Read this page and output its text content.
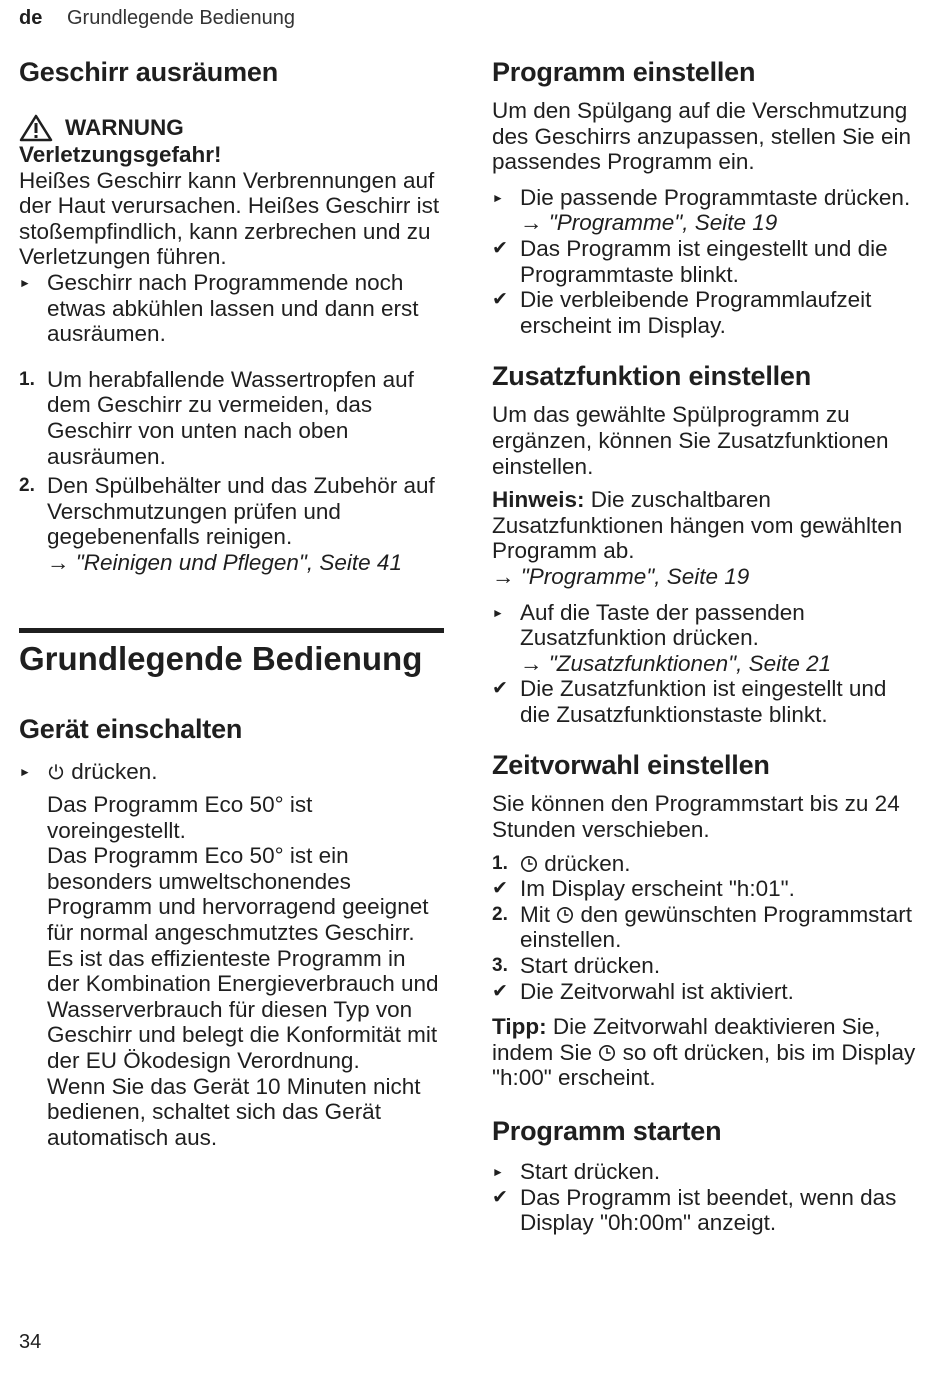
de Grundlegende Bedienung
Geschirr ausräumen
WARNUNG

Verletzungsgefahr!

Heißes Geschirr kann Verbrennungen auf der Haut verursachen. Heißes Geschirr ist stoßempfindlich, kann zerbrechen und zu Verletzungen führen.

► Geschirr nach Programmende noch etwas abkühlen lassen und dann erst ausräumen.
1. Um herabfallende Wassertropfen auf dem Geschirr zu vermeiden, das Geschirr von unten nach oben ausräumen.
2. Den Spülbehälter und das Zubehör auf Verschmutzungen prüfen und gegebenenfalls reinigen.
→ "Reinigen und Pflegen", Seite 41
Grundlegende Bedienung
Gerät einschalten
►	drücken.

Das Programm Eco 50° ist voreingestellt.

Das Programm Eco 50° ist ein besonders umweltschonendes Programm und hervorragend geeignet für normal angeschmutztes Geschirr. Es ist das effizienteste Programm in der Kombination Energieverbrauch und Wasserverbrauch für diesen Typ von Geschirr und belegt die Konformität mit der EU Ökodesign Verordnung.

Wenn Sie das Gerät 10 Minuten nicht bedienen, schaltet sich das Gerät automatisch aus.

Programm einstellen

Um den Spülgang auf die Verschmutzung des Geschirrs anzupassen, stellen Sie ein passendes Programm ein.

► Die passende Programmtaste drücken.
→ "Programme", Seite 19
✔ Das Programm ist eingestellt und die Programmtaste blinkt.
✔ Die verbleibende Programmlaufzeit erscheint im Display.
Zusatzfunktion einstellen

Um das gewählte Spülprogramm zu ergänzen, können Sie Zusatzfunktionen einstellen.

Hinweis: Die zuschaltbaren Zusatzfunktionen hängen vom gewählten Programm ab.
→ "Programme", Seite 19

► Auf die Taste der passenden Zusatzfunktion drücken.
→ "Zusatzfunktionen", Seite 21
✔ Die Zusatzfunktion ist eingestellt und die Zusatzfunktionstaste blinkt.
Zeitvorwahl einstellen

Sie können den Programmstart bis zu 24 Stunden verschieben.

1.	drücken.
✔ Im Display erscheint "h:01".
2. Mit den gewünschten Programmstart einstellen.
3. Start drücken.
✔ Die Zeitvorwahl ist aktiviert.

Tipp: Die Zeitvorwahl deaktivieren Sie, indem Sie so oft drücken, bis im Display "h:00" erscheint.

Programm starten
► Start drücken.
✔ Das Programm ist beendet, wenn das Display "0h:00m" anzeigt.
34
